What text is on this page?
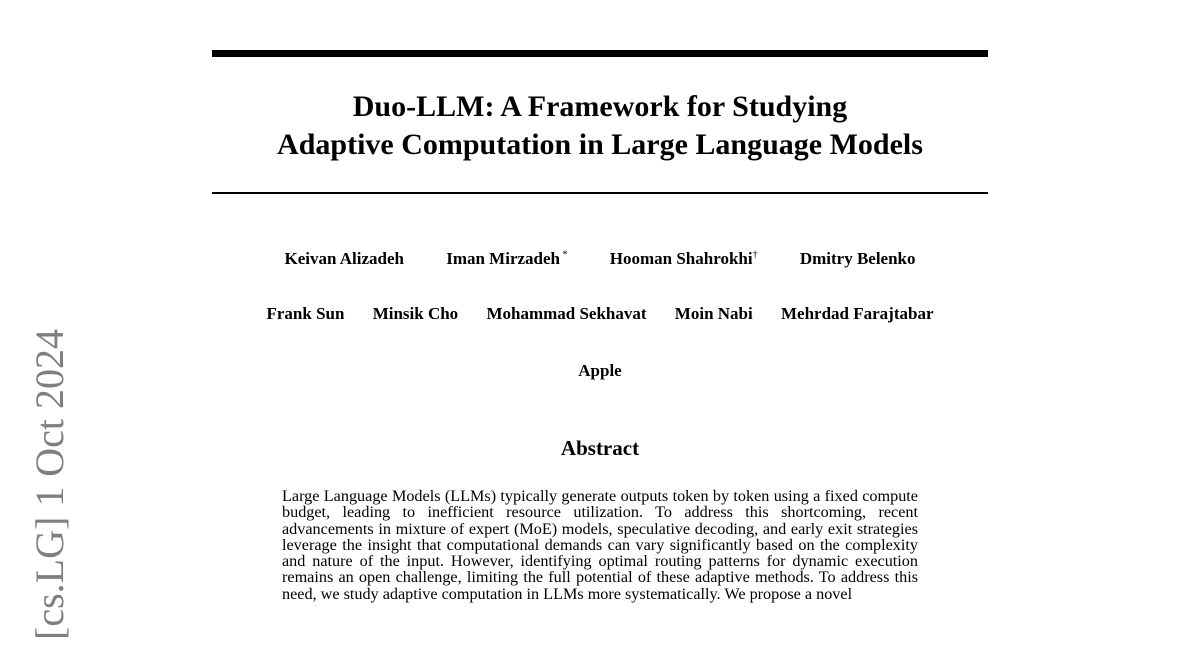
Duo-LLM: A Framework for Studying
Adaptive Computation in Large Language Models
Keivan Alizadeh Iman Mirzadeh * Hooman Shahrokhi† Dmitry Belenko
Frank Sun Minsik Cho Mohammad Sekhavat Moin Nabi Mehrdad Farajtabar
Apple
Abstract
Large Language Models (LLMs) typically generate outputs token by token using a fixed compute budget, leading to inefficient resource utilization. To address this shortcoming, recent advancements in mixture of expert (MoE) models, speculative decoding, and early exit strategies leverage the insight that computational demands can vary significantly based on the complexity and nature of the input. However, identifying optimal routing patterns for dynamic execution remains an open challenge, limiting the full potential of these adaptive methods. To address this need, we study adaptive computation in LLMs more systematically. We propose a novel
[cs.LG] 1 Oct 2024
